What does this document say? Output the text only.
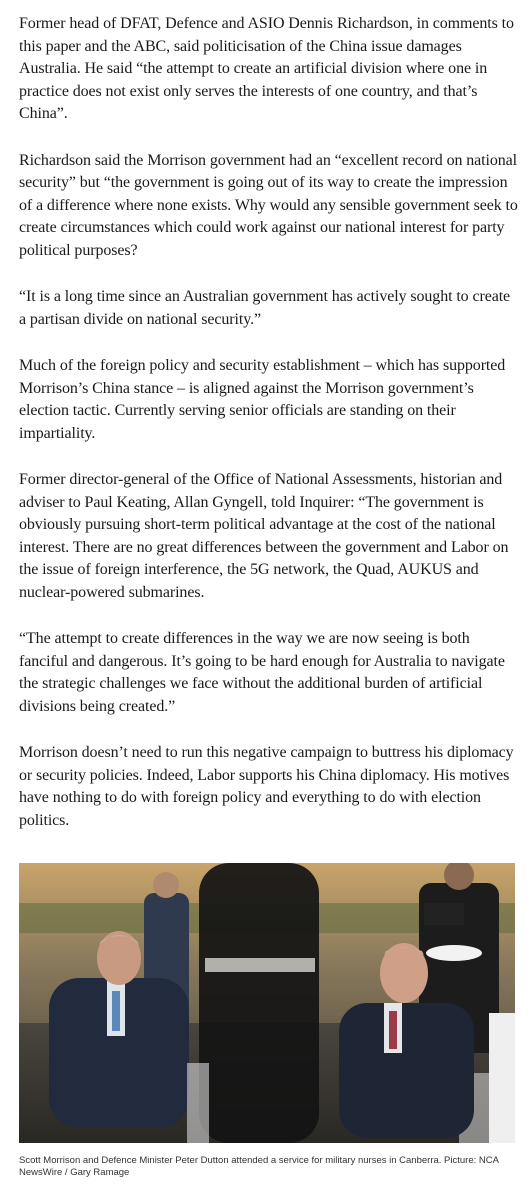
Former head of DFAT, Defence and ASIO Dennis Richardson, in comments to this paper and the ABC, said politicisation of the China issue damages Australia. He said “the attempt to create an artificial division where one in practice does not exist only serves the interests of one country, and that’s China”.

Richardson said the Morrison government had an “excellent record on national security” but “the government is going out of its way to create the impression of a difference where none exists. Why would any sensible government seek to create circumstances which could work against our national interest for party political purposes?

“It is a long time since an Australian government has actively sought to create a partisan divide on national security.”

Much of the foreign policy and security establishment – which has supported Morrison’s China stance – is aligned against the Morrison government’s election tactic. Currently serving senior officials are standing on their impartiality.

Former director-general of the Office of National Assessments, historian and adviser to Paul Keating, Allan Gyngell, told Inquirer: “The government is obviously pursuing short-term political advantage at the cost of the national interest. There are no great differences between the government and Labor on the issue of foreign interference, the 5G network, the Quad, AUKUS and nuclear-powered submarines.

“The attempt to create differences in the way we are now seeing is both fanciful and dangerous. It’s going to be hard enough for Australia to navigate the strategic challenges we face without the additional burden of artificial divisions being created.”

Morrison doesn’t need to run this negative campaign to buttress his diplomacy or security policies. Indeed, Labor supports his China diplomacy. His motives have nothing to do with foreign policy and everything to do with election politics.

Scott Morrison and Defence Minister Peter Dutton attended a service for military nurses in Canberra. Picture: NCA NewsWire / Gary Ramage
